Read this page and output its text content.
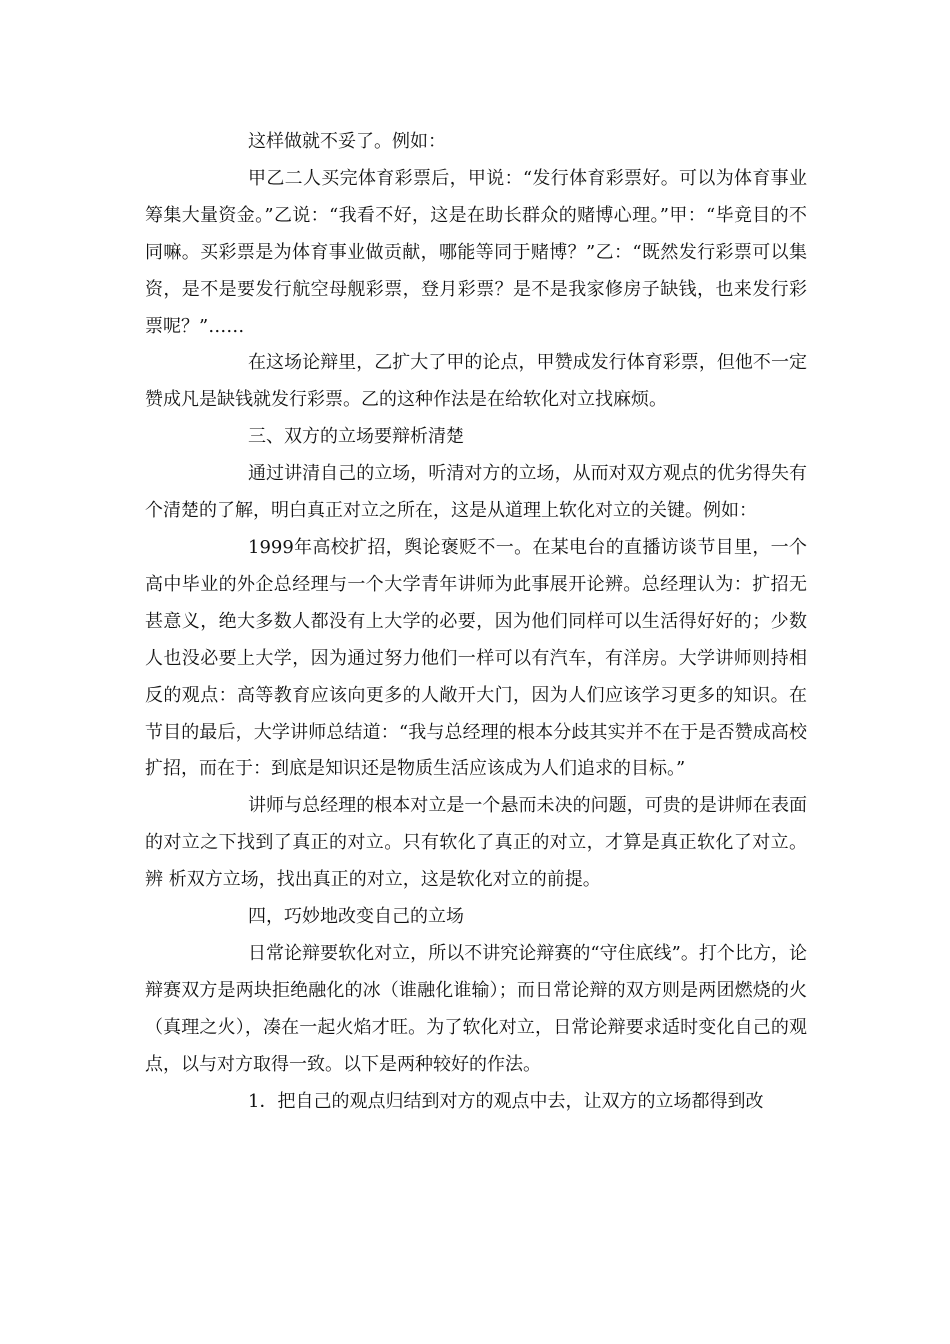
这样做就不妥了。例如：

甲乙二人买完体育彩票后，甲说：“发行体育彩票好。可以为体育事业筹集大量资金。”乙说：“我看不好，这是在助长群众的赌博心理。”甲：“毕竟目的不同嘛。买彩票是为体育事业做贡献，哪能等同于赌博？”乙：“既然发行彩票可以集资，是不是要发行航空母舰彩票，登月彩票？是不是我家修房子缺钱，也来发行彩票呢？”……

在这场论辩里，乙扩大了甲的论点，甲赞成发行体育彩票，但他不一定赞成凡是缺钱就发行彩票。乙的这种作法是在给软化对立找麻烦。

三、双方的立场要辩析清楚

通过讲清自己的立场，听清对方的立场，从而对双方观点的优劣得失有个清楚的了解，明白真正对立之所在，这是从道理上软化对立的关键。例如：

1999年高校扩招，舆论褒贬不一。在某电台的直播访谈节目里，一个高中毕业的外企总经理与一个大学青年讲师为此事展开论辨。总经理认为：扩招无甚意义，绝大多数人都没有上大学的必要，因为他们同样可以生活得好好的；少数人也没必要上大学，因为通过努力他们一样可以有汽车，有洋房。大学讲师则持相反的观点：高等教育应该向更多的人敞开大门，因为人们应该学习更多的知识。在节目的最后，大学讲师总结道：“我与总经理的根本分歧其实并不在于是否赞成高校扩招，而在于：到底是知识还是物质生活应该成为人们追求的目标。”

讲师与总经理的根本对立是一个悬而未决的问题，可贵的是讲师在表面的对立之下找到了真正的对立。只有软化了真正的对立，才算是真正软化了对立。辨 析双方立场，找出真正的对立，这是软化对立的前提。

四，巧妙地改变自己的立场

日常论辩要软化对立，所以不讲究论辩赛的“守住底线”。打个比方，论辩赛双方是两块拒绝融化的冰（谁融化谁输）；而日常论辩的双方则是两团燃烧的火（真理之火），凑在一起火焰才旺。为了软化对立，日常论辩要求适时变化自己的观点，以与对方取得一致。以下是两种较好的作法。

1．把自己的观点归结到对方的观点中去，让双方的立场都得到改
